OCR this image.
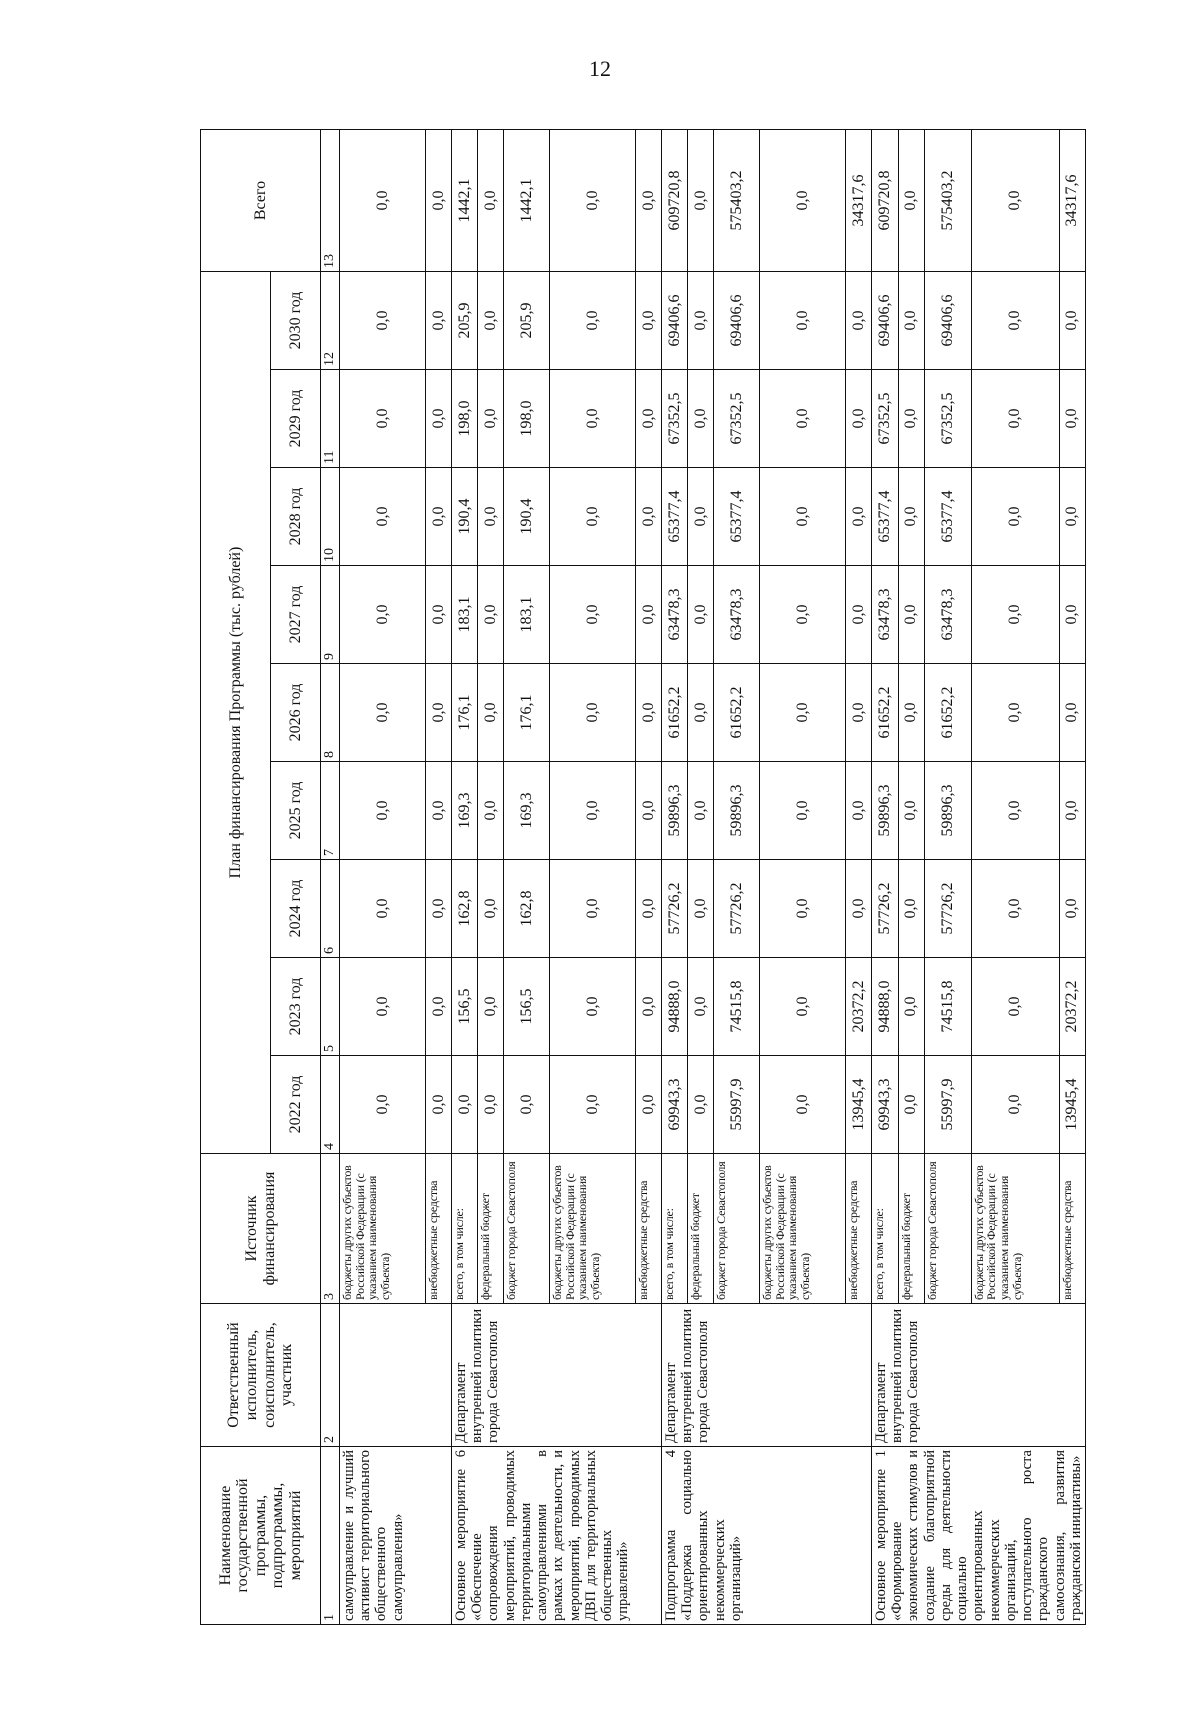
12
Наименование государственной программы, подпрограммы, мероприятий	Ответственный исполнитель, соисполнитель, участник	Источник финансирования	План финансирования Программы (тыс. рублей)									Всего
			2022 год	2023 год	2024 год	2025 год	2026 год	2027 год	2028 год	2029 год	2030 год	
1	2	3	4	5	6	7	8	9	10	11	12	13
самоуправление и лучший активист территориального общественного самоуправления»		бюджеты других субъектов Российской Федерации (с указанием наименования субъекта)	0,0	0,0	0,0	0,0	0,0	0,0	0,0	0,0	0,0	0,0
		внебюджетные средства	0,0	0,0	0,0	0,0	0,0	0,0	0,0	0,0	0,0	0,0
Основное мероприятие 6 «Обеспечение сопровождения мероприятий, проводимых территориальными самоуправлениями в рамках их деятельности, и мероприятий, проводимых ДВП для территориальных общественных управлений»	Департамент внутренней политики города Севастополя	всего, в том числе:	0,0	156,5	162,8	169,3	176,1	183,1	190,4	198,0	205,9	1442,1
		федеральный бюджет	0,0	0,0	0,0	0,0	0,0	0,0	0,0	0,0	0,0	0,0
		бюджет города Севастополя	0,0	156,5	162,8	169,3	176,1	183,1	190,4	198,0	205,9	1442,1
		бюджеты других субъектов Российской Федерации (с указанием наименования субъекта)	0,0	0,0	0,0	0,0	0,0	0,0	0,0	0,0	0,0	0,0
		внебюджетные средства	0,0	0,0	0,0	0,0	0,0	0,0	0,0	0,0	0,0	0,0
Подпрограмма 4 «Поддержка социально ориентированных некоммерческих организаций»	Департамент внутренней политики города Севастополя	всего, в том числе:	69943,3	94888,0	57726,2	59896,3	61652,2	63478,3	65377,4	67352,5	69406,6	609720,8
		федеральный бюджет	0,0	0,0	0,0	0,0	0,0	0,0	0,0	0,0	0,0	0,0
		бюджет города Севастополя	55997,9	74515,8	57726,2	59896,3	61652,2	63478,3	65377,4	67352,5	69406,6	575403,2
		бюджеты других субъектов Российской Федерации (с указанием наименования субъекта)	0,0	0,0	0,0	0,0	0,0	0,0	0,0	0,0	0,0	0,0
		внебюджетные средства	13945,4	20372,2	0,0	0,0	0,0	0,0	0,0	0,0	0,0	34317,6
Основное мероприятие 1 «Формирование экономических стимулов и создание благоприятной среды для деятельности социально ориентированных некоммерческих организаций, поступательного роста гражданского самосознания, развития гражданской инициативы»	Департамент внутренней политики города Севастополя	всего, в том числе:	69943,3	94888,0	57726,2	59896,3	61652,2	63478,3	65377,4	67352,5	69406,6	609720,8
		федеральный бюджет	0,0	0,0	0,0	0,0	0,0	0,0	0,0	0,0	0,0	0,0
		бюджет города Севастополя	55997,9	74515,8	57726,2	59896,3	61652,2	63478,3	65377,4	67352,5	69406,6	575403,2
		бюджеты других субъектов Российской Федерации (с указанием наименования субъекта)	0,0	0,0	0,0	0,0	0,0	0,0	0,0	0,0	0,0	0,0
		внебюджетные средства	13945,4	20372,2	0,0	0,0	0,0	0,0	0,0	0,0	0,0	34317,6
